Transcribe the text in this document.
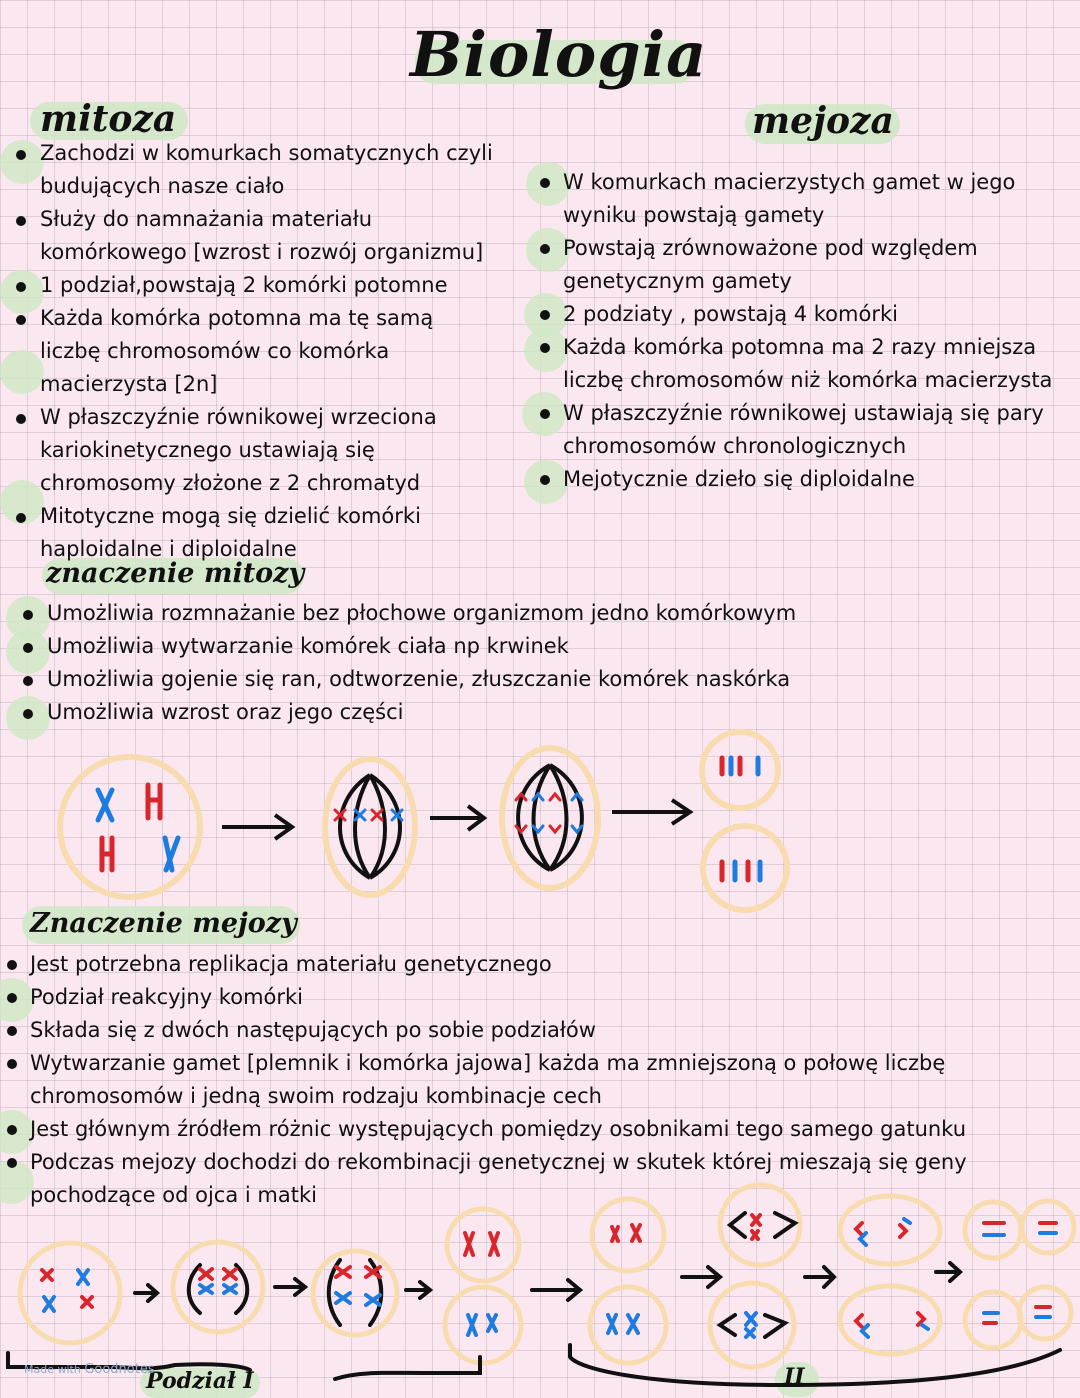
Biologia
mitoza
Zachodzi w komurkach somatycznych czyli
budujących nasze ciało
Służy do namnażania materiału
komórkowego [wzrost i rozwój organizmu]
1 podział,powstają 2 komórki potomne
Każda komórka potomna ma tę samą
liczbę chromosomów co komórka
macierzysta [2n]
W płaszczyźnie równikowej wrzeciona
kariokinetycznego ustawiają się
chromosomy złożone z 2 chromatyd
Mitotyczne mogą się dzielić komórki
haploidalne i diploidalne
mejoza
W komurkach macierzystych gamet w jego
wyniku powstają gamety
Powstają zrównoważone pod względem
genetycznym gamety
2 podziaty , powstają 4 komórki
Każda komórka potomna ma 2 razy mniejsza
liczbę chromosomów niż komórka macierzysta
W płaszczyźnie równikowej ustawiają się pary
chromosomów chronologicznych
Mejotycznie dzieło się diploidalne
znaczenie mitozy
Umożliwia rozmnażanie bez płochowe organizmom jedno komórkowym
Umożliwia wytwarzanie komórek ciała np krwinek
Umożliwia gojenie się ran, odtworzenie, złuszczanie komórek naskórka
Umożliwia wzrost oraz jego części
Znaczenie mejozy
Jest potrzebna replikacja materiału genetycznego
Podział reakcyjny komórki
Składa się z dwóch następujących po sobie podziałów
Wytwarzanie gamet [plemnik i komórka jajowa] każda ma zmniejszoną o połowę liczbę
chromosomów i jedną swoim rodzaju kombinacje cech
Jest głównym źródłem różnic występujących pomiędzy osobnikami tego samego gatunku
Podczas mejozy dochodzi do rekombinacji genetycznej w skutek której mieszają się geny
pochodzące od ojca i matki
Podział I	II
Made with Goodnotes
